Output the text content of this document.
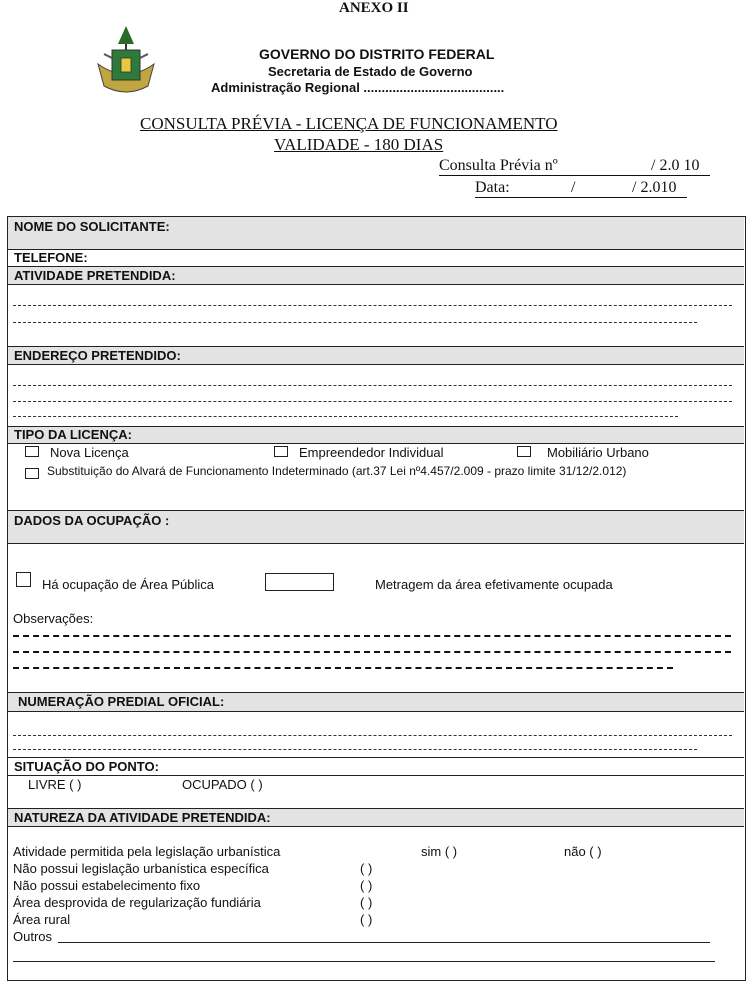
ANEXO II
GOVERNO DO DISTRITO FEDERAL
Secretaria de Estado de Governo
Administração Regional .......................................
CONSULTA PRÉVIA - LICENÇA DE FUNCIONAMENTO
VALIDADE - 180 DIAS
Consulta Prévia nº	/ 2.0 10
Data:	/	/ 2.010
NOME DO SOLICITANTE:
TELEFONE:
ATIVIDADE PRETENDIDA:
ENDEREÇO PRETENDIDO:
TIPO DA LICENÇA:
Nova Licença	Empreendedor Individual	Mobiliário Urbano
Substituição do Alvará de Funcionamento Indeterminado (art.37 Lei nº4.457/2.009 - prazo limite 31/12/2.012)
DADOS DA OCUPAÇÃO :
Há ocupação de Área Pública	Metragem da área efetivamente ocupada
Observações:
NUMERAÇÃO PREDIAL OFICIAL:
SITUAÇÃO DO PONTO:
LIVRE ( )	OCUPADO ( )
NATUREZA DA ATIVIDADE PRETENDIDA:
Atividade permitida pela legislação urbanística	sim ( )	não ( )
Não possui legislação urbanística específica	( )
Não possui estabelecimento fixo	( )
Área desprovida de regularização fundiária	( )
Área rural	( )
Outros
